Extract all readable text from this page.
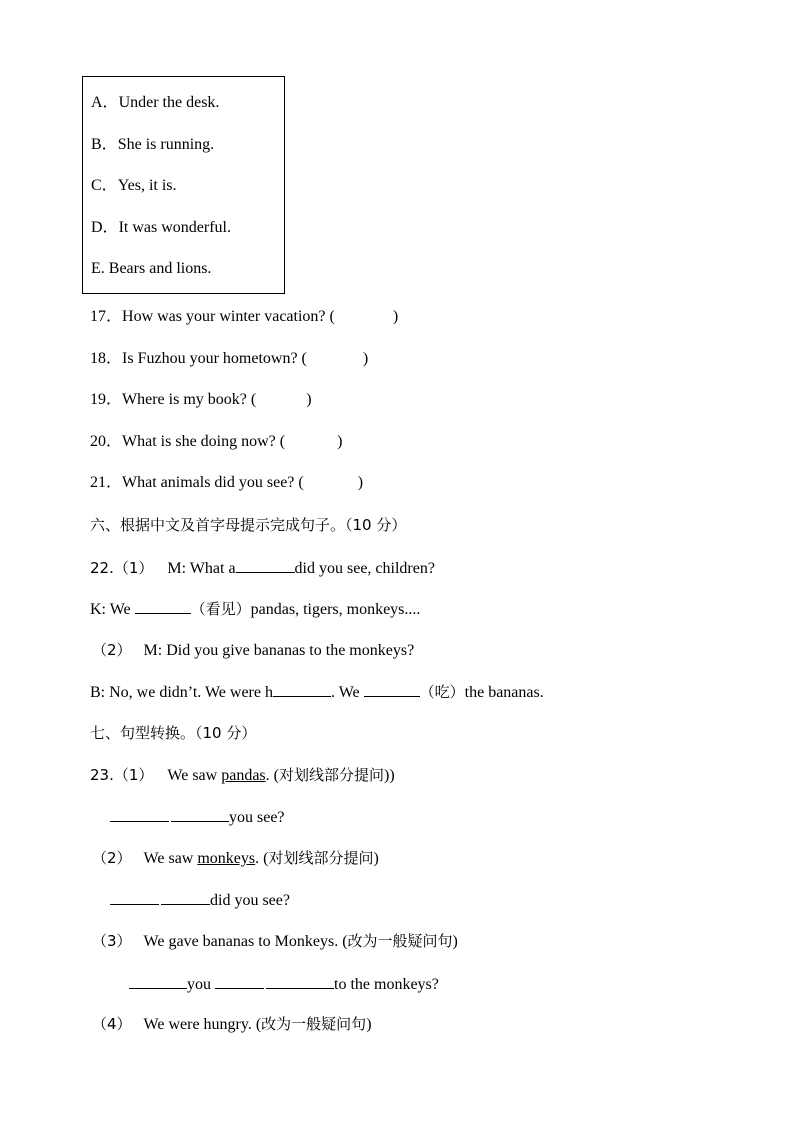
A．Under the desk.
B．She is running.
C．Yes, it is.
D．It was wonderful.
E. Bears and lions.
17．How was your winter vacation? (	)
18．Is Fuzhou your hometown? (	)
19．Where is my book? (	)
20．What is she doing now? (	)
21．What animals did you see? (	)
六、根据中文及首字母提示完成句子。（10 分）
22.（1） M: What a	did you see, children?
K: We	（看见）pandas, tigers, monkeys....
（2） M: Did you give bananas to the monkeys?
B: No, we didn’t. We were h	. We	（吃）the bananas.
七、句型转换。（10 分）
23.（1） We saw pandas. (对划线部分提问))
you see?
（2） We saw monkeys. (对划线部分提问)
did you see?
（3） We gave bananas to Monkeys. (改为一般疑问句)
you	to the monkeys?
（4） We were hungry. (改为一般疑问句)
